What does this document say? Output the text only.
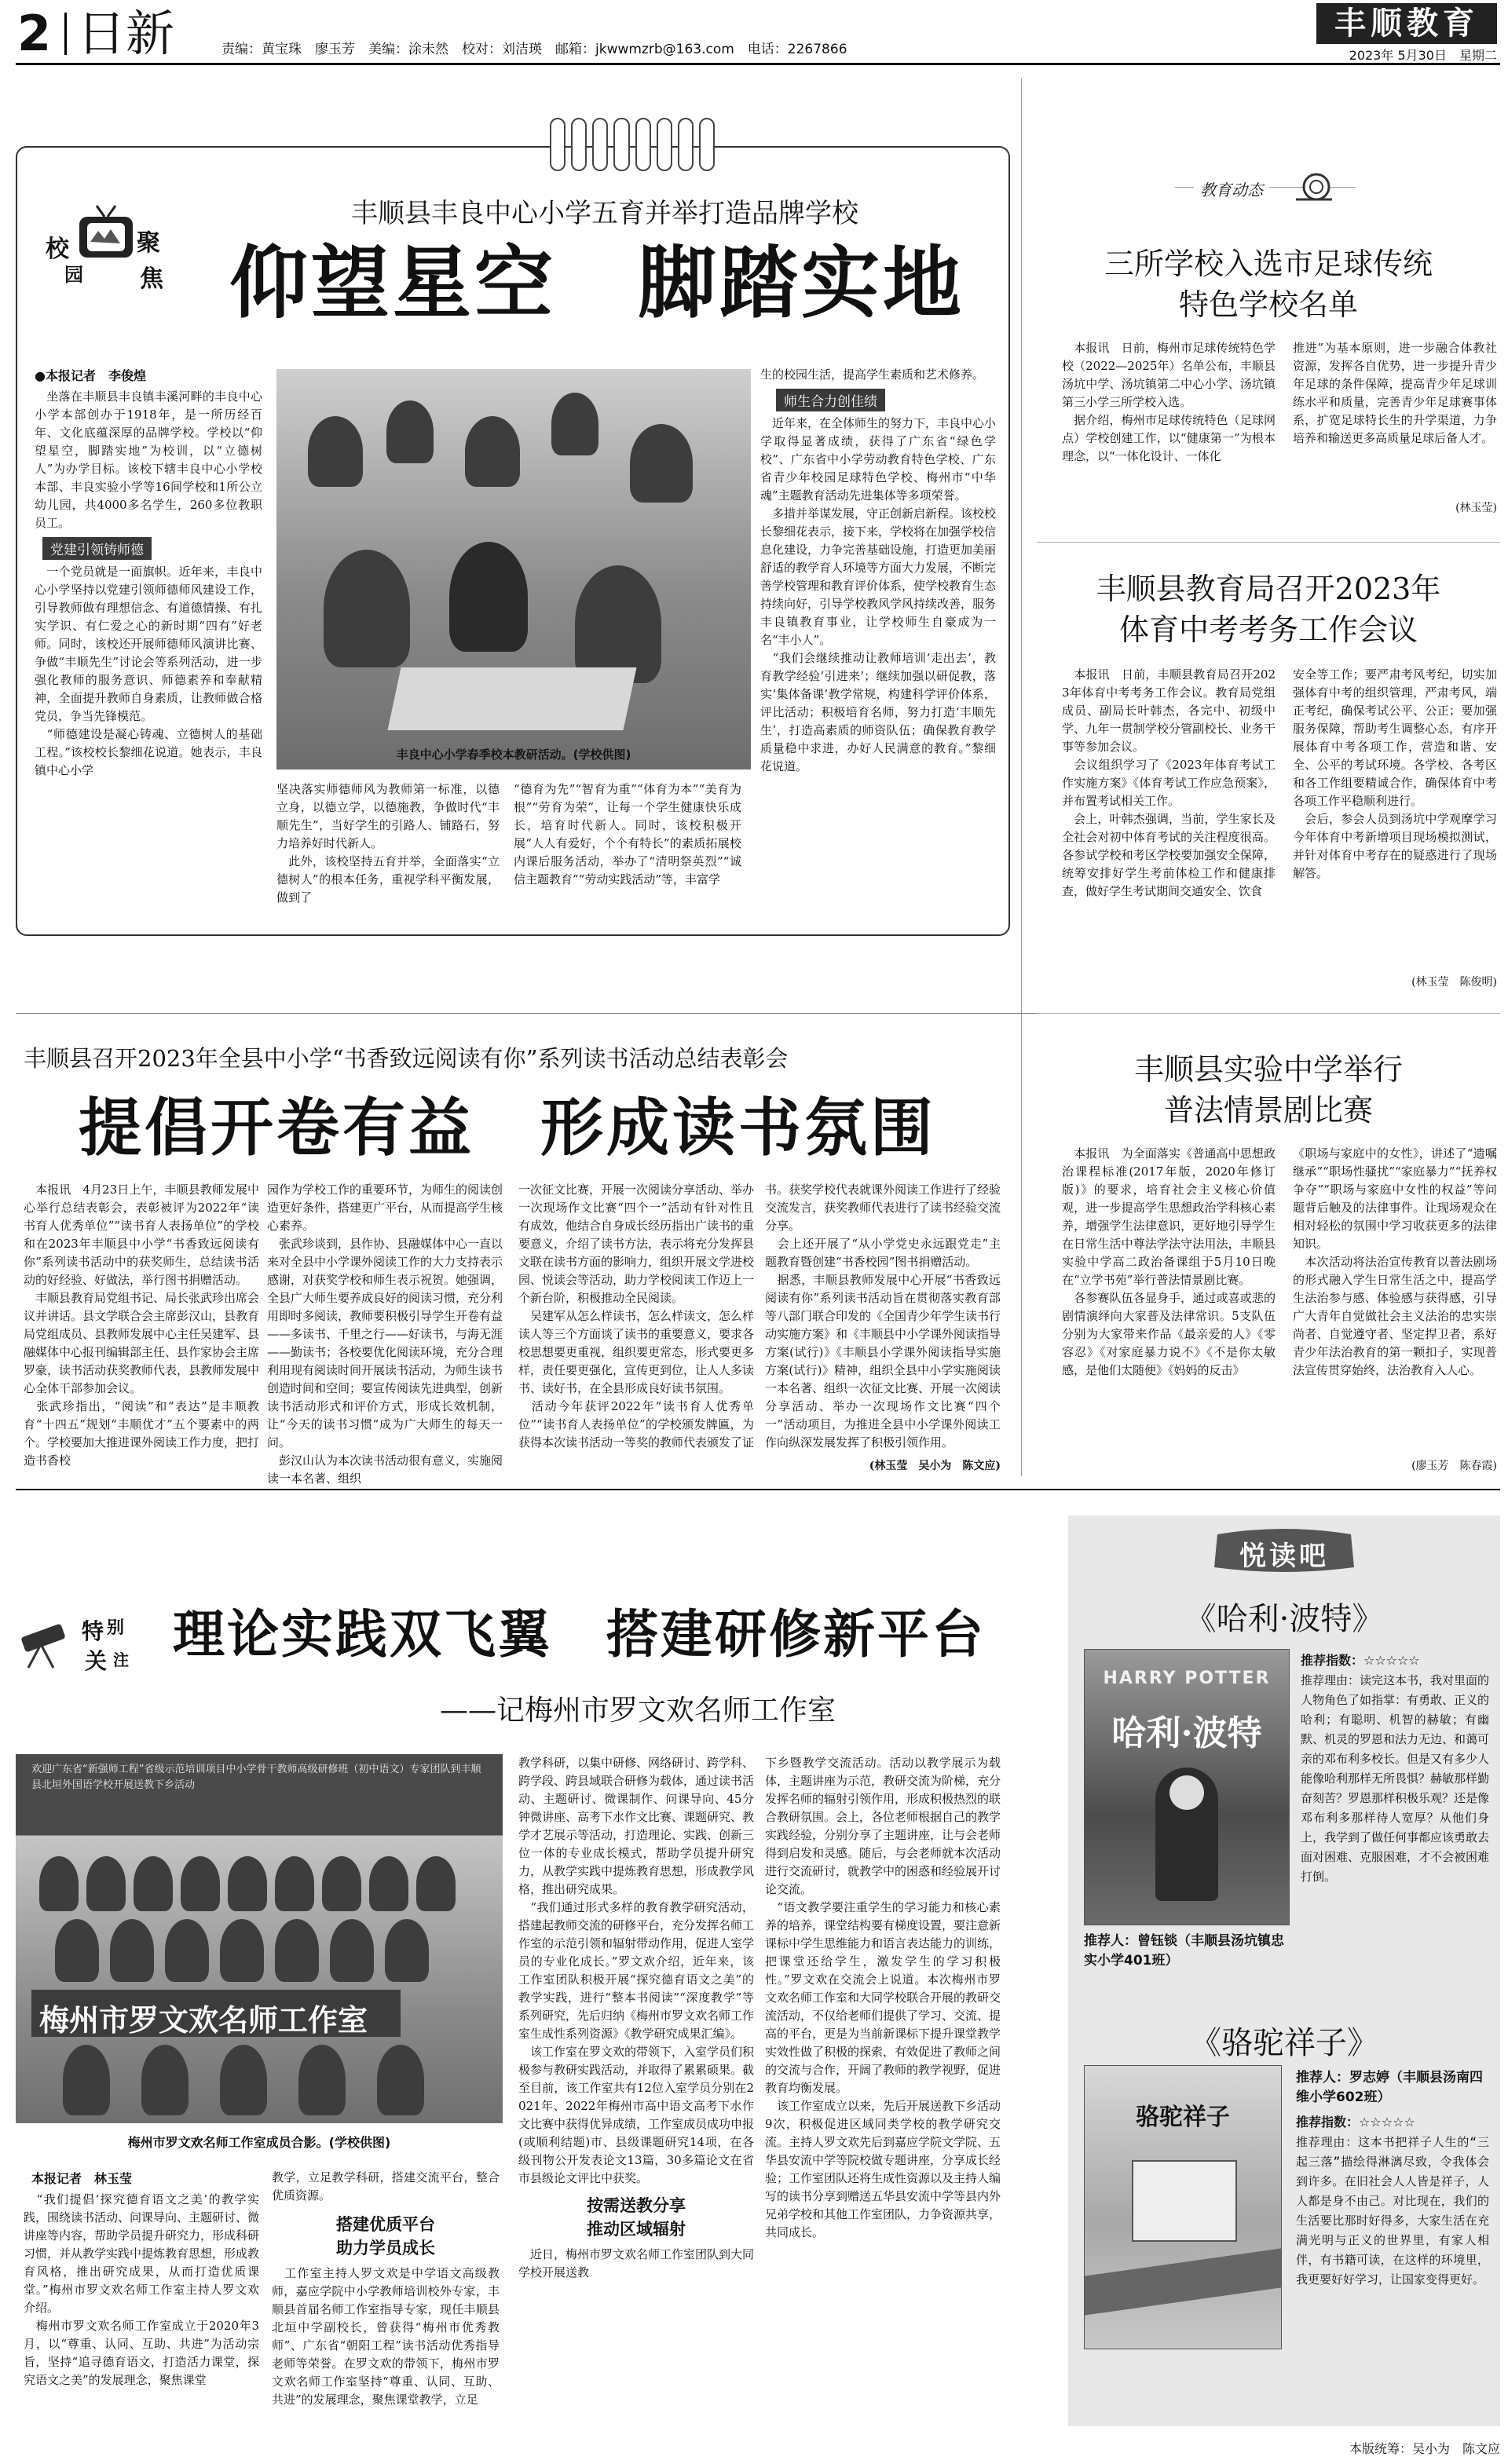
2 日新	责编：黄宝珠　廖玉芳　美编：涂未然　校对：刘洁瑛　邮箱：jkwwmzrb@163.com　电话：2267866
丰顺教育
2023年 5月30日　星期二
校
园
聚
焦
丰顺县丰良中心小学五育并举打造品牌学校
仰望星空　脚踏实地
●本报记者　李俊煌
　坐落在丰顺县丰良镇丰溪河畔的丰良中心小学本部创办于1918年，是一所历经百年、文化底蕴深厚的品牌学校。学校以“仰望星空，脚踏实地”为校训，以“立德树人”为办学目标。该校下辖丰良中心小学校本部、丰良实验小学等16间学校和1所公立幼儿园，共4000多名学生，260多位教职员工。
党建引领铸师德
　一个党员就是一面旗帜。近年来，丰良中心小学坚持以党建引领师德师风建设工作，引导教师做有理想信念、有道德情操、有扎实学识、有仁爱之心的新时期“四有”好老师。同时，该校还开展师德师风演讲比赛、争做“丰顺先生”讨论会等系列活动，进一步强化教师的服务意识、师德素养和奉献精神，全面提升教师自身素质，让教师做合格党员，争当先锋模范。
　“师德建设是凝心铸魂、立德树人的基础工程。”该校校长黎细花说道。她表示，丰良镇中心小学
丰良中心小学春季校本教研活动。(学校供图)
坚决落实师德师风为教师第一标准，以德立身，以德立学，以德施教，争做时代“丰顺先生”，当好学生的引路人、铺路石，努力培养好时代新人。
　此外，该校坚持五育并举，全面落实“立德树人”的根本任务，重视学科平衡发展，做到了
“德育为先”“智育为重”“体育为本”“美育为根”“劳育为荣”，让每一个学生健康快乐成长，培育时代新人。同时，该校积极开展“人人有爱好，个个有特长”的素质拓展校内课后服务活动，举办了“清明祭英烈”“诚信主题教育”“劳动实践活动”等，丰富学
生的校园生活，提高学生素质和艺术修养。
师生合力创佳绩
　近年来，在全体师生的努力下，丰良中心小学取得显著成绩，获得了广东省“绿色学校”、广东省中小学劳动教育特色学校、广东省青少年校园足球特色学校、梅州市“中华魂”主题教育活动先进集体等多项荣誉。
　多措并举谋发展，守正创新启新程。该校校长黎细花表示，接下来，学校将在加强学校信息化建设，力争完善基础设施，打造更加美丽舒适的教学育人环境等方面大力发展，不断完善学校管理和教育评价体系，使学校教育生态持续向好，引导学校教风学风持续改善，服务丰良镇教育事业，让学校师生自豪成为一名“丰小人”。
　“我们会继续推动让教师培训‘走出去’，教育教学经验‘引进来’；继续加强以研促教，落实‘集体备课’教学常规，构建科学评价体系，评比活动；积极培育名师，努力打造‘丰顺先生’，打造高素质的师资队伍；确保教育教学质量稳中求进，办好人民满意的教育。”黎细花说道。
教育动态
三所学校入选市足球传统
特色学校名单
　本报讯　日前，梅州市足球传统特色学校（2022—2025年）名单公布，丰顺县汤坑中学、汤坑镇第二中心小学、汤坑镇第三小学三所学校入选。
　据介绍，梅州市足球传统特色（足球网点）学校创建工作，以“健康第一”为根本理念，以“一体化设计、一体化
推进”为基本原则，进一步融合体教社资源，发挥各自优势，进一步提升青少年足球的条件保障，提高青少年足球训练水平和质量，完善青少年足球赛事体系，扩宽足球特长生的升学渠道，力争培养和输送更多高质量足球后备人才。
(林玉莹)
丰顺县教育局召开2023年
体育中考考务工作会议
　本报讯　日前，丰顺县教育局召开2023年体育中考考务工作会议。教育局党组成员、副局长叶韩杰，各完中、初级中学、九年一贯制学校分管副校长、业务干事等参加会议。
　会议组织学习了《2023年体育考试工作实施方案》《体育考试工作应急预案》，并布置考试相关工作。
　会上，叶韩杰强调，当前，学生家长及全社会对初中体育考试的关注程度很高。各参试学校和考区学校要加强安全保障，统筹安排好学生考前体检工作和健康排查，做好学生考试期间交通安全、饮食
安全等工作；要严肃考风考纪，切实加强体育中考的组织管理，严肃考风，端正考纪，确保考试公平、公正；要加强服务保障，帮助考生调整心态，有序开展体育中考各项工作，营造和谐、安全、公平的考试环境。各学校、各考区和各工作组要精诚合作，确保体育中考各项工作平稳顺利进行。
　会后，参会人员到汤坑中学观摩学习今年体育中考新增项目现场模拟测试，并针对体育中考存在的疑惑进行了现场解答。
(林玉莹　陈俊明)
丰顺县召开2023年全县中小学“书香致远阅读有你”系列读书活动总结表彰会
提倡开卷有益　形成读书氛围
　本报讯　4月23日上午，丰顺县教师发展中心举行总结表彰会，表彰被评为2022年“读书育人优秀单位”“读书育人表扬单位”的学校和在2023年丰顺县中小学“书香致远阅读有你”系列读书活动中的获奖师生，总结读书活动的好经验、好做法，举行图书捐赠活动。
　丰顺县教育局党组书记、局长张武珍出席会议并讲话。县文学联合会主席彭汉山，县教育局党组成员、县教师发展中心主任吴建军、县融媒体中心报刊编辑部主任、县作家协会主席罗豪，读书活动获奖教师代表，县教师发展中心全体干部参加会议。
　张武珍指出，“阅读”和“表达”是丰顺教育“十四五”规划“丰顺优才”五个要素中的两个。学校要加大推进课外阅读工作力度，把打造书香校
园作为学校工作的重要环节，为师生的阅读创造更好条件，搭建更广平台，从而提高学生核心素养。
　张武珍谈到，县作协、县融媒体中心一直以来对全县中小学课外阅读工作的大力支持表示感谢，对获奖学校和师生表示祝贺。她强调，全县广大师生要养成良好的阅读习惯，充分利用即时多阅读，教师要积极引导学生开卷有益——多读书、千里之行——好读书，与海无涯——勤读书；各校要优化阅读环境，充分合理利用现有阅读时间开展读书活动，为师生读书创造时间和空间；要宣传阅读先进典型，创新读书活动形式和评价方式，形成长效机制，让“今天的读书习惯”成为广大师生的每天一问。
　彭汉山认为本次读书活动很有意义，实施阅读一本名著、组织
一次征文比赛，开展一次阅读分享活动、举办一次现场作文比赛“四个一”活动有针对性且有成效，他结合自身成长经历指出广读书的重要意义，介绍了读书方法，表示将充分发挥县文联在读书方面的影响力，组织开展文学进校园、悦读会等活动，助力学校阅读工作迈上一个新台阶，积极推动全民阅读。
　吴建军从怎么样读书，怎么样读文，怎么样读人等三个方面谈了读书的重要意义，要求各校思想要更重视，组织要更常态，形式要更多样，责任要更强化，宣传更到位，让人人多读书、读好书，在全县形成良好读书氛围。
　活动今年获评2022年“读书育人优秀单位”“读书育人表扬单位”的学校颁发牌匾，为获得本次读书活动一等奖的教师代表颁发了证
书。获奖学校代表就课外阅读工作进行了经验交流发言，获奖教师代表进行了读书经验交流分享。
　会上还开展了“从小学党史永远跟党走”主题教育暨创建“书香校园”图书捐赠活动。
　据悉，丰顺县教师发展中心开展“书香致远阅读有你”系列读书活动旨在贯彻落实教育部等八部门联合印发的《全国青少年学生读书行动实施方案》和《丰顺县中小学课外阅读指导方案(试行)》《丰顺县小学课外阅读指导实施方案(试行)》精神，组织全县中小学实施阅读一本名著、组织一次征文比赛、开展一次阅读分享活动、举办一次现场作文比赛“四个一”活动项目，为推进全县中小学课外阅读工作向纵深发展发挥了积极引领作用。
(林玉莹　吴小为　陈文应)
丰顺县实验中学举行
普法情景剧比赛
　本报讯　为全面落实《普通高中思想政治课程标准(2017年版，2020年修订版)》的要求，培育社会主义核心价值观，进一步提高学生思想政治学科核心素养，增强学生法律意识，更好地引导学生在日常生活中尊法学法守法用法，丰顺县实验中学高二政治备课组于5月10日晚在“立学书苑”举行普法情景剧比赛。
　各参赛队伍各显身手，通过或喜或悲的剧情演绎向大家普及法律常识。5支队伍分别为大家带来作品《最亲爱的人》《零容忍》《对家庭暴力说不》《不是你太敏感，是他们太随便》《妈妈的反击》
《职场与家庭中的女性》，讲述了“遗嘱继承”“职场性骚扰”“家庭暴力”“抚养权争夺”“职场与家庭中女性的权益”等问题背后触及的法律事件。让现场观众在相对轻松的氛围中学习收获更多的法律知识。
　本次活动将法治宣传教育以普法剧场的形式融入学生日常生活之中，提高学生法治参与感、体验感与获得感，引导广大青年自觉做社会主义法治的忠实崇尚者、自觉遵守者、坚定捍卫者，系好青少年法治教育的第一颗扣子，实现普法宣传贯穿始终，法治教育入人心。
(廖玉芳　陈春霞)
特 别
关 注 理论实践双飞翼　搭建研修新平台
——记梅州市罗文欢名师工作室
欢迎广东省“新强师工程”省级示范培训项目中小学骨干教师高级研修班（初中语文）专家团队到丰顺县北垣外国语学校开展送教下乡活动
梅州市罗文欢名师工作室
梅州市罗文欢名师工作室成员合影。(学校供图)
本报记者　林玉莹
　“我们提倡‘探究德育语文之美’的教学实践，围绕读书活动、问课导向、主题研讨、微讲座等内容，帮助学员提升研究力，形成科研习惯，并从教学实践中提炼教育思想，形成教育风格，推出研究成果，从而打造优质课堂。”梅州市罗文欢名师工作室主持人罗文欢介绍。
　梅州市罗文欢名师工作室成立于2020年3月，以“尊重、认同、互助、共进”为活动宗旨，坚持“追寻德育语文，打造活力课堂，探究语文之美”的发展理念，聚焦课堂
教学，立足教学科研，搭建交流平台，整合优质资源。
搭建优质平台
助力学员成长
　工作室主持人罗文欢是中学语文高级教师，嘉应学院中小学教师培训校外专家，丰顺县首届名师工作室指导专家，现任丰顺县北垣中学副校长，曾获得“梅州市优秀教师”、广东省“朝阳工程”读书活动优秀指导老师等荣誉。在罗文欢的带领下，梅州市罗文欢名师工作室坚持“尊重、认同、互助、共进”的发展理念，聚焦课堂教学，立足
教学科研，以集中研修、网络研讨、跨学科、跨学段、跨县域联合研修为载体，通过读书活动、主题研讨、微课制作、问课导向、45分钟微讲座、高考下水作文比赛、课题研究、教学才艺展示等活动，打造理论、实践、创新三位一体的专业成长模式，帮助学员提升研究力，从教学实践中提炼教育思想，形成教学风格，推出研究成果。
　“我们通过形式多样的教育教学研究活动，搭建起教师交流的研修平台，充分发挥名师工作室的示范引领和辐射带动作用，促进人室学员的专业化成长。”罗文欢介绍，近年来，该工作室团队积极开展“探究德育语文之美”的教学实践，进行“整本书阅读”“深度教学”等系列研究，先后归纳《梅州市罗文欢名师工作室生成性系列资源》《教学研究成果汇编》。
　该工作室在罗文欢的带领下，入室学员们积极参与教研实践活动，并取得了累累硕果。截至目前，该工作室共有12位入室学员分别在2021年、2022年梅州市高中语文高考下水作文比赛中获得优异成绩，工作室成员成功申报(或顺利结题)市、县级课题研究14项，在各级刊物公开发表论文13篇，30多篇论文在省市县级论文评比中获奖。
按需送教分享
推动区域辐射
　近日，梅州市罗文欢名师工作室团队到大同学校开展送教
下乡暨教学交流活动。活动以教学展示为载体，主题讲座为示范，教研交流为阶梯，充分发挥名师的辐射引领作用，形成积极热烈的联合教研氛围。会上，各位老师根据自己的教学实践经验，分别分享了主题讲座，让与会老师得到启发和灵感。随后，与会老师就本次活动进行交流研讨，就教学中的困惑和经验展开讨论交流。
　“语文教学要注重学生的学习能力和核心素养的培养，课堂结构要有梯度设置，要注意新课标中学生思维能力和语言表达能力的训练，把课堂还给学生，激发学生的学习积极性。”罗文欢在交流会上说道。本次梅州市罗文欢名师工作室和大同学校联合开展的教研交流活动，不仅给老师们提供了学习、交流、提高的平台，更是为当前新课标下提升课堂教学实效性做了积极的探索，有效促进了教师之间的交流与合作，开阔了教师的教学视野，促进教育均衡发展。
　该工作室成立以来，先后开展送教下乡活动9次，积极促进区域同类学校的教学研究交流。主持人罗文欢先后到嘉应学院文学院、五华县安流中学等院校做专题讲座，分享成长经验；工作室团队还将生成性资源以及主持人编写的读书分享到赠送五华县安流中学等县内外兄弟学校和其他工作室团队，力争资源共享，共同成长。
悦读吧
《哈利·波特》
HARRY POTTER
哈利·波特
推荐人：曾钰锬（丰顺县汤坑镇忠实小学401班）
推荐指数：☆☆☆☆☆
推荐理由：读完这本书，我对里面的人物角色了如指掌：有勇敢、正义的哈利；有聪明、机智的赫敏；有幽默、机灵的罗恩和法力无边、和蔼可亲的邓布利多校长。但是又有多少人能像哈利那样无所畏惧？赫敏那样勤奋刻苦？罗恩那样积极乐观？还是像邓布利多那样待人宽厚？从他们身上，我学到了做任何事都应该勇敢去面对困难、克服困难，才不会被困难打倒。
《骆驼祥子》
骆驼祥子
推荐人：罗志婷（丰顺县汤南四维小学602班）
推荐指数：☆☆☆☆☆
推荐理由：这本书把祥子人生的“三起三落”描绘得淋漓尽致，令我体会到许多。在旧社会人人皆是祥子，人人都是身不由己。对比现在，我们的生活要比那时好得多，大家生活在充满光明与正义的世界里，有家人相伴，有书籍可读，在这样的环境里，我更要好好学习，让国家变得更好。
本版统筹：吴小为　陈文应
